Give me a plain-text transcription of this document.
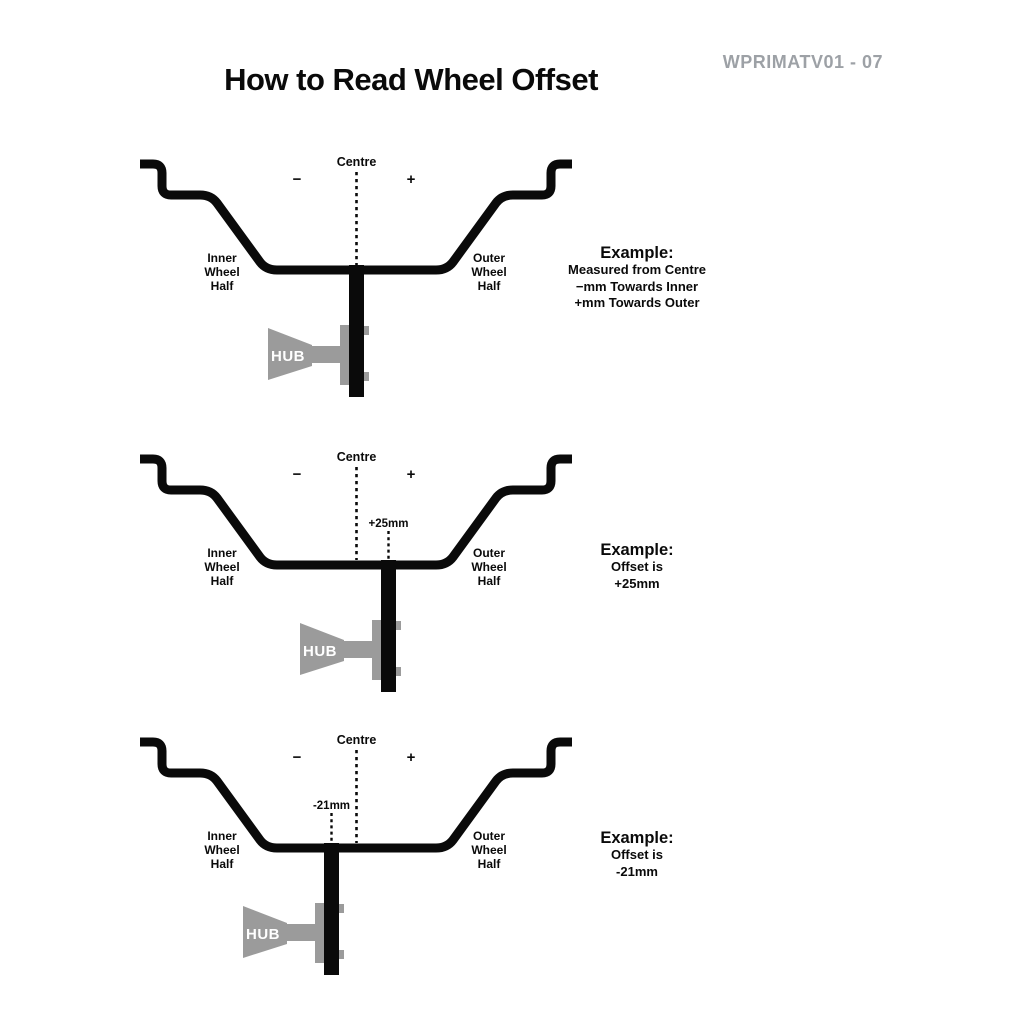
How to Read Wheel Offset	WPRIMATV01 - 07
HUB
Centre
−	+
Inner
Wheel
Half
Outer
Wheel
Half
HUB
Centre
−	+
+25mm
Inner
Wheel
Half
Outer
Wheel
Half
HUB
Centre
−	+
-21mm
Inner
Wheel
Half
Outer
Wheel
Half
Example:
Measured from Centre
−mm Towards Inner
+mm Towards Outer
Example:
Offset is
+25mm
Example:
Offset is
-21mm
